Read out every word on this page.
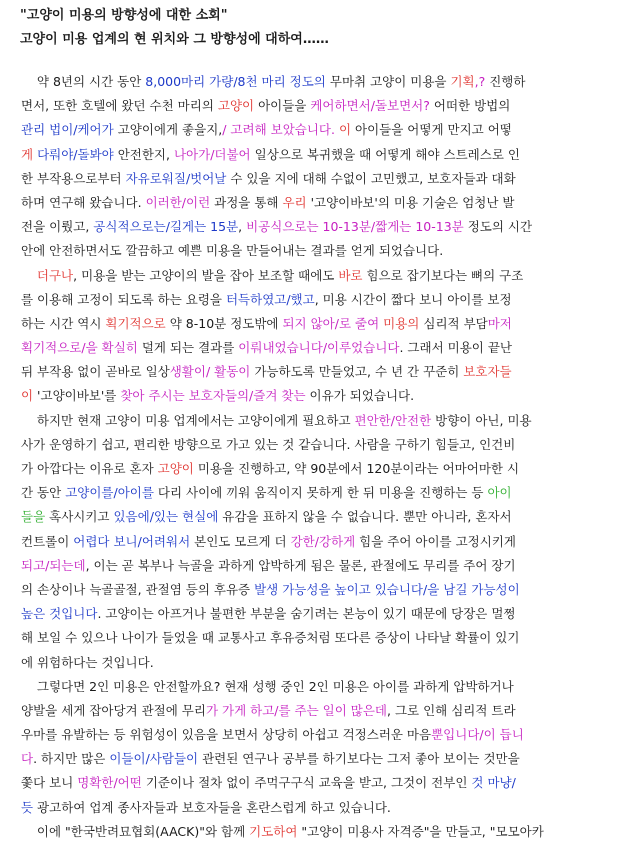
"고양이 미용의 방향성에 대한 소회"
고양이 미용 업계의 현 위치와 그 방향성에 대하여……
약 8년의 시간 동안 8,000마리 가량/8천 마리 정도의 무마취 고양이 미용을 기획,? 진행하
면서, 또한 호텔에 왔던 수천 마리의 고양이 아이들을 케어하면서/돌보면서? 어떠한 방법의
관리 법이/케어가 고양이에게 좋을지,/ 고려해 보았습니다. 이 아이들을 어떻게 만지고 어떻
게 다뤄야/돌봐야 안전한지, 나아가/더불어 일상으로 복귀했을 때 어떻게 해야 스트레스로 인
한 부작용으로부터 자유로워질/벗어날 수 있을 지에 대해 수없이 고민했고, 보호자들과 대화
하며 연구해 왔습니다. 이러한/이런 과정을 통해 우리 '고양이바보'의 미용 기술은 엄청난 발
전을 이뤘고, 공식적으로는/길게는 15분, 비공식으로는 10-13분/짧게는 10-13분 정도의 시간
안에 안전하면서도 깔끔하고 예쁜 미용을 만들어내는 결과를 얻게 되었습니다.
더구나, 미용을 받는 고양이의 발을 잡아 보조할 때에도 바로 힘으로 잡기보다는 뼈의 구조
를 이용해 고정이 되도록 하는 요령을 터득하였고/했고, 미용 시간이 짧다 보니 아이를 보정
하는 시간 역시 획기적으로 약 8-10분 정도밖에 되지 않아/로 줄여 미용의 심리적 부담마저
획기적으로/을 확실히 덜게 되는 결과를 이뤄내었습니다/이루었습니다. 그래서 미용이 끝난
뒤 부작용 없이 곧바로 일상생활이/ 활동이 가능하도록 만들었고, 수 년 간 꾸준히 보호자들
이 '고양이바보'를 찾아 주시는 보호자들의/즐겨 찾는 이유가 되었습니다.
하지만 현재 고양이 미용 업계에서는 고양이에게 필요하고 편안한/안전한 방향이 아닌, 미용
사가 운영하기 쉽고, 편리한 방향으로 가고 있는 것 같습니다. 사람을 구하기 힘들고, 인건비
가 아깝다는 이유로 혼자 고양이 미용을 진행하고, 약 90분에서 120분이라는 어마어마한 시
간 동안 고양이를/아이를 다리 사이에 끼워 움직이지 못하게 한 뒤 미용을 진행하는 등 아이
들을 혹사시키고 있음에/있는 현실에 유감을 표하지 않을 수 없습니다. 뿐만 아니라, 혼자서
컨트롤이 어렵다 보니/어려워서 본인도 모르게 더 강한/강하게 힘을 주어 아이를 고정시키게
되고/되는데, 이는 곧 복부나 늑골을 과하게 압박하게 됨은 물론, 관절에도 무리를 주어 장기
의 손상이나 늑골골절, 관절염 등의 후유증 발생 가능성을 높이고 있습니다/을 남길 가능성이
높은 것입니다. 고양이는 아프거나 불편한 부분을 숨기려는 본능이 있기 때문에 당장은 멀쩡
해 보일 수 있으나 나이가 들었을 때 교통사고 후유증처럼 또다른 증상이 나타날 확률이 있기
에 위험하다는 것입니다.
그렇다면 2인 미용은 안전할까요? 현재 성행 중인 2인 미용은 아이를 과하게 압박하거나
양발을 세게 잡아당겨 관절에 무리가 가게 하고/를 주는 일이 많은데, 그로 인해 심리적 트라
우마를 유발하는 등 위험성이 있음을 보면서 상당히 아쉽고 걱정스러운 마음뿐입니다/이 듭니
다. 하지만 많은 이들이/사람들이 관련된 연구나 공부를 하기보다는 그저 좋아 보이는 것만을
쫓다 보니 명확한/어떤 기준이나 절차 없이 주먹구구식 교육을 받고, 그것이 전부인 것 마냥/
듯 광고하여 업계 종사자들과 보호자들을 혼란스럽게 하고 있습니다.
이에 "한국반려묘협회(AACK)"와 함께 기도하여 "고양이 미용사 자격증"을 만들고, "모모아카
